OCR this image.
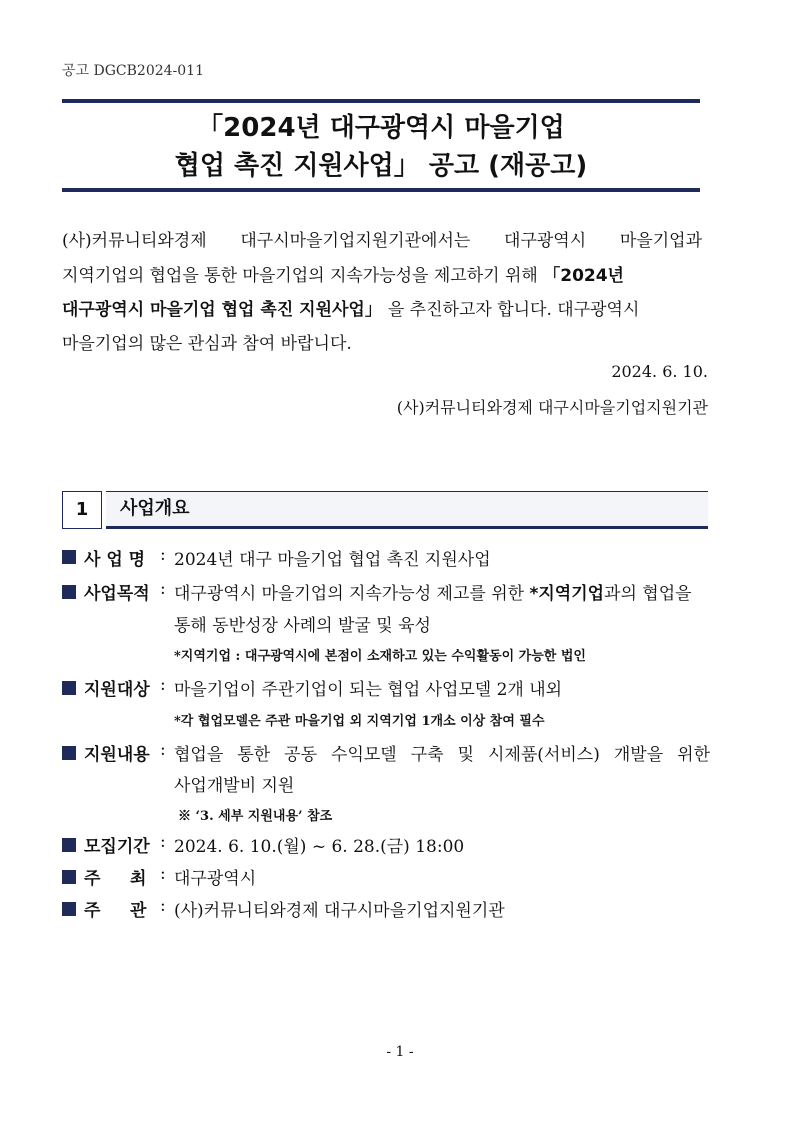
공고 DGCB2024-011
「2024년 대구광역시 마을기업
협업 촉진 지원사업」 공고 (재공고)
(사)커뮤니티와경제 대구시마을기업지원기관에서는 대구광역시 마을기업과
지역기업의 협업을 통한 마을기업의 지속가능성을 제고하기 위해 「2024년
대구광역시 마을기업 협업 촉진 지원사업」 을 추진하고자 합니다. 대구광역시
마을기업의 많은 관심과 참여 바랍니다.
2024. 6. 10.
(사)커뮤니티와경제 대구시마을기업지원기관
1	사업개요
사 업 명 : 2024년 대구 마을기업 협업 촉진 지원사업
사업목적 : 대구광역시 마을기업의 지속가능성 제고를 위한 *지역기업과의 협업을
통해 동반성장 사례의 발굴 및 육성
*지역기업 : 대구광역시에 본점이 소재하고 있는 수익활동이 가능한 법인
지원대상 : 마을기업이 주관기업이 되는 협업 사업모델 2개 내외
*각 협업모델은 주관 마을기업 외 지역기업 1개소 이상 참여 필수
지원내용 : 협업을 통한 공동 수익모델 구축 및 시제품(서비스) 개발을 위한
사업개발비 지원
※ ‘3. 세부 지원내용’ 참조
모집기간 : 2024. 6. 10.(월) ~ 6. 28.(금) 18:00
주     최 : 대구광역시
주     관 : (사)커뮤니티와경제 대구시마을기업지원기관
- 1 -
